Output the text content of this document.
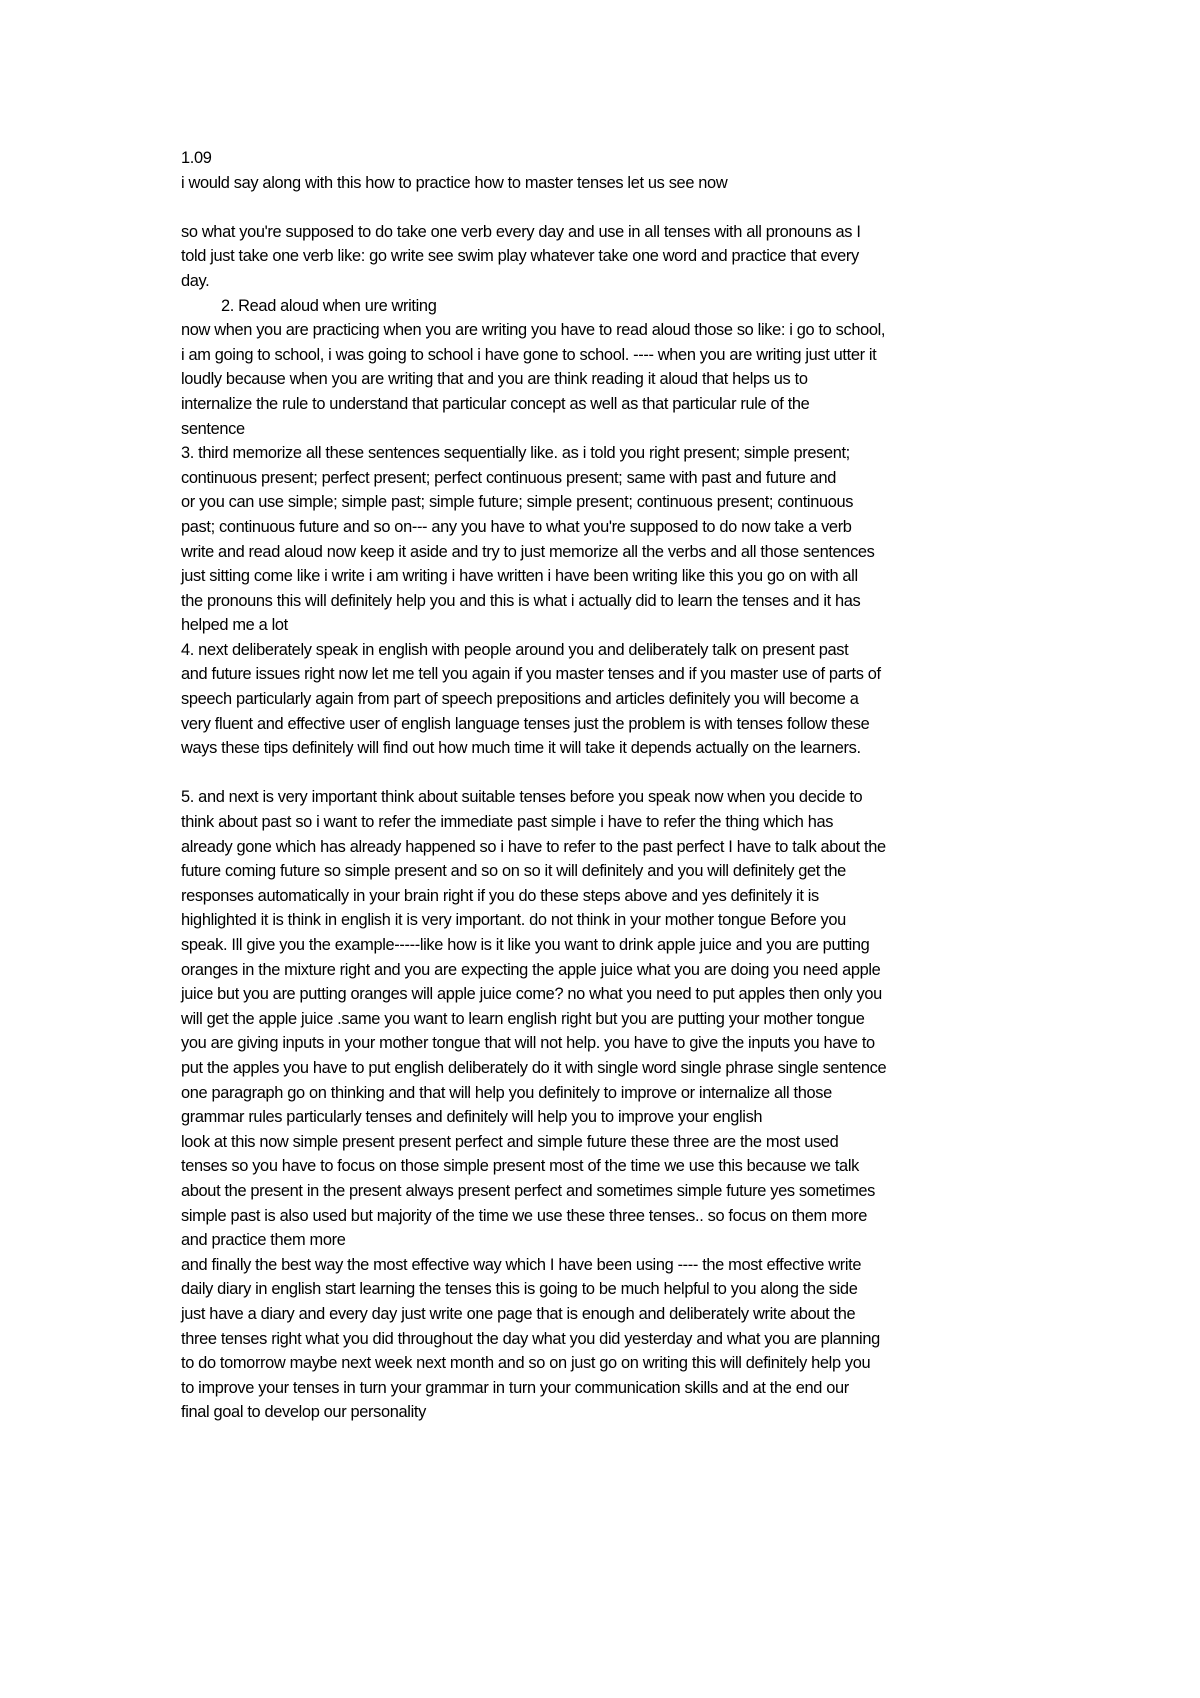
1.09
i would say along with this how to practice how to master tenses let us see now
so what you're supposed to do take one verb every day and use in all tenses with all pronouns as I
told just take one verb like: go write see swim play whatever take one word and practice that every
day.
2. Read aloud when ure writing
now when you are practicing when you are writing you have to read aloud those so like: i go to school,
i am going to school, i was going to school i have gone to school. ---- when you are writing just utter it
loudly because when you are writing that and you are think reading it aloud that helps us to
internalize the rule to understand that particular concept as well as that particular rule of the
sentence
3. third memorize all these sentences sequentially like. as i told you right present; simple present;
continuous present; perfect present; perfect continuous present; same with past and future and
or you can use simple; simple past; simple future; simple present; continuous present; continuous
past; continuous future and so on--- any you have to what you're supposed to do now take a verb
write and read aloud now keep it aside and try to just memorize all the verbs and all those sentences
just sitting come like i write i am writing i have written i have been writing like this you go on with all
the pronouns this will definitely help you and this is what i actually did to learn the tenses and it has
helped me a lot
4. next deliberately speak in english with people around you and deliberately talk on present past
and future issues right now let me tell you again if you master tenses and if you master use of parts of
speech particularly again from part of speech prepositions and articles definitely you will become a
very fluent and effective user of english language tenses just the problem is with tenses follow these
ways these tips definitely will find out how much time it will take it depends actually on the learners.
5. and next is very important think about suitable tenses before you speak now when you decide to
think about past so i want to refer the immediate past simple i have to refer the thing which has
already gone which has already happened so i have to refer to the past perfect I have to talk about the
future coming future so simple present and so on so it will definitely and you will definitely get the
responses automatically in your brain right if you do these steps above and yes definitely it is
highlighted it is think in english it is very important. do not think in your mother tongue Before you
speak. Ill give you the example-----like how is it like you want to drink apple juice and you are putting
oranges in the mixture right and you are expecting the apple juice what you are doing you need apple
juice but you are putting oranges will apple juice come? no what you need to put apples then only you
will get the apple juice .same you want to learn english right but you are putting your mother tongue
you are giving inputs in your mother tongue that will not help. you have to give the inputs you have to
put the apples you have to put english deliberately do it with single word single phrase single sentence
one paragraph go on thinking and that will help you definitely to improve or internalize all those
grammar rules particularly tenses and definitely will help you to improve your english
look at this now simple present present perfect and simple future these three are the most used
tenses so you have to focus on those simple present most of the time we use this because we talk
about the present in the present always present perfect and sometimes simple future yes sometimes
simple past is also used but majority of the time we use these three tenses.. so focus on them more
and practice them more
and finally the best way the most effective way which I have been using ---- the most effective write
daily diary in english start learning the tenses this is going to be much helpful to you along the side
just have a diary and every day just write one page that is enough and deliberately write about the
three tenses right what you did throughout the day what you did yesterday and what you are planning
to do tomorrow maybe next week next month and so on just go on writing this will definitely help you
to improve your tenses in turn your grammar in turn your communication skills and at the end our
final goal to develop our personality
